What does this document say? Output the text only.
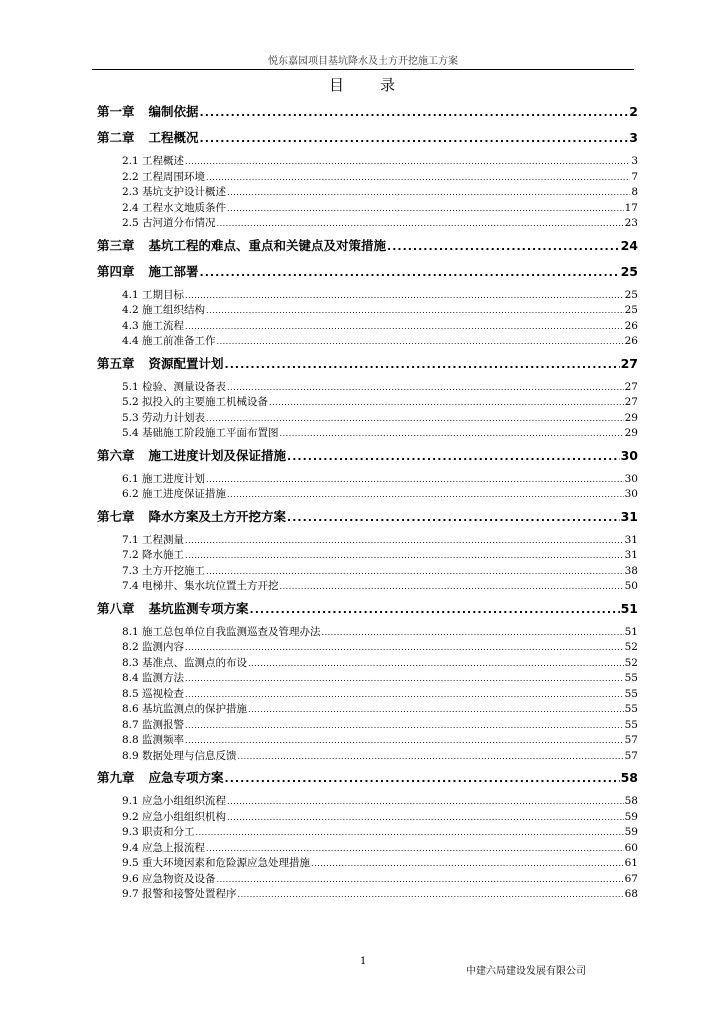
悦东嘉园项目基坑降水及土方开挖施工方案
目录
第一章 编制依据 .....	2
第二章 工程概况 .....	3
2.1 工程概述 .....	3
2.2 工程周围环境 .....	7
2.3 基坑支护设计概述 .....	8
2.4 工程水文地质条件 .....	17
2.5 古河道分布情况 .....	23
第三章 基坑工程的难点、重点和关键点及对策措施 .....	24
第四章 施工部署 .....	25
4.1 工期目标 .....	25
4.2 施工组织结构 .....	25
4.3 施工流程 .....	26
4.4 施工前准备工作 .....	26
第五章 资源配置计划 .....	27
5.1 检验、测量设备表 .....	27
5.2 拟投入的主要施工机械设备 .....	27
5.3 劳动力计划表 .....	29
5.4 基础施工阶段施工平面布置图 .....	29
第六章 施工进度计划及保证措施 .....	30
6.1 施工进度计划 .....	30
6.2 施工进度保证措施 .....	30
第七章 降水方案及土方开挖方案 .....	31
7.1 工程测量 .....	31
7.2 降水施工 .....	31
7.3 土方开挖施工 .....	38
7.4 电梯井、集水坑位置土方开挖 .....	50
第八章 基坑监测专项方案 .....	51
8.1 施工总包单位自我监测巡查及管理办法 .....	51
8.2 监测内容 .....	52
8.3 基准点、监测点的布设 .....	52
8.4 监测方法 .....	55
8.5 巡视检查 .....	55
8.6 基坑监测点的保护措施 .....	55
8.7 监测报警 .....	55
8.8 监测频率 .....	57
8.9 数据处理与信息反馈 .....	57
第九章 应急专项方案 .....	58
9.1 应急小组组织流程 .....	58
9.2 应急小组组织机构 .....	59
9.3 职责和分工 .....	59
9.4 应急上报流程 .....	60
9.5 重大环境因素和危险源应急处理措施 .....	61
9.6 应急物资及设备 .....	67
9.7 报警和接警处置程序 .....	68
1
中建六局建设发展有限公司
